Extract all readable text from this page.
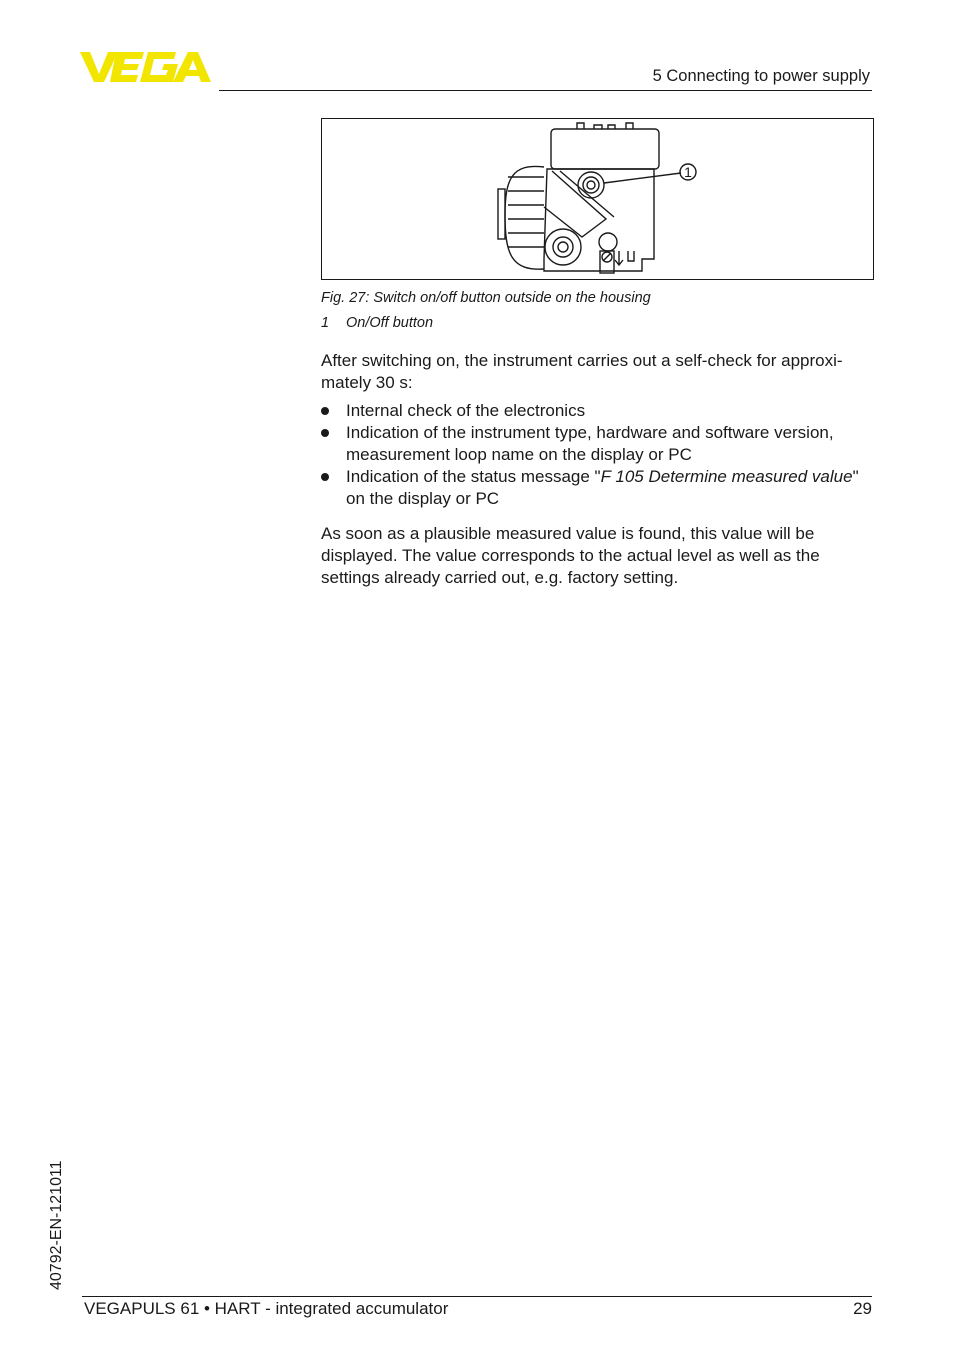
5 Connecting to power supply
1
Fig. 27: Switch on/off button outside on the housing
1 On/Off button
After switching on, the instrument carries out a self-check for approxi-mately 30 s:
Internal check of the electronics
Indication of the instrument type, hardware and software version, measurement loop name on the display or PC
Indication of the status message "F 105 Determine measured value" on the display or PC
As soon as a plausible measured value is found, this value will be displayed. The value corresponds to the actual level as well as the settings already carried out, e.g. factory setting.
40792-EN-121011
VEGAPULS 61 • HART - integrated accumulator	29
